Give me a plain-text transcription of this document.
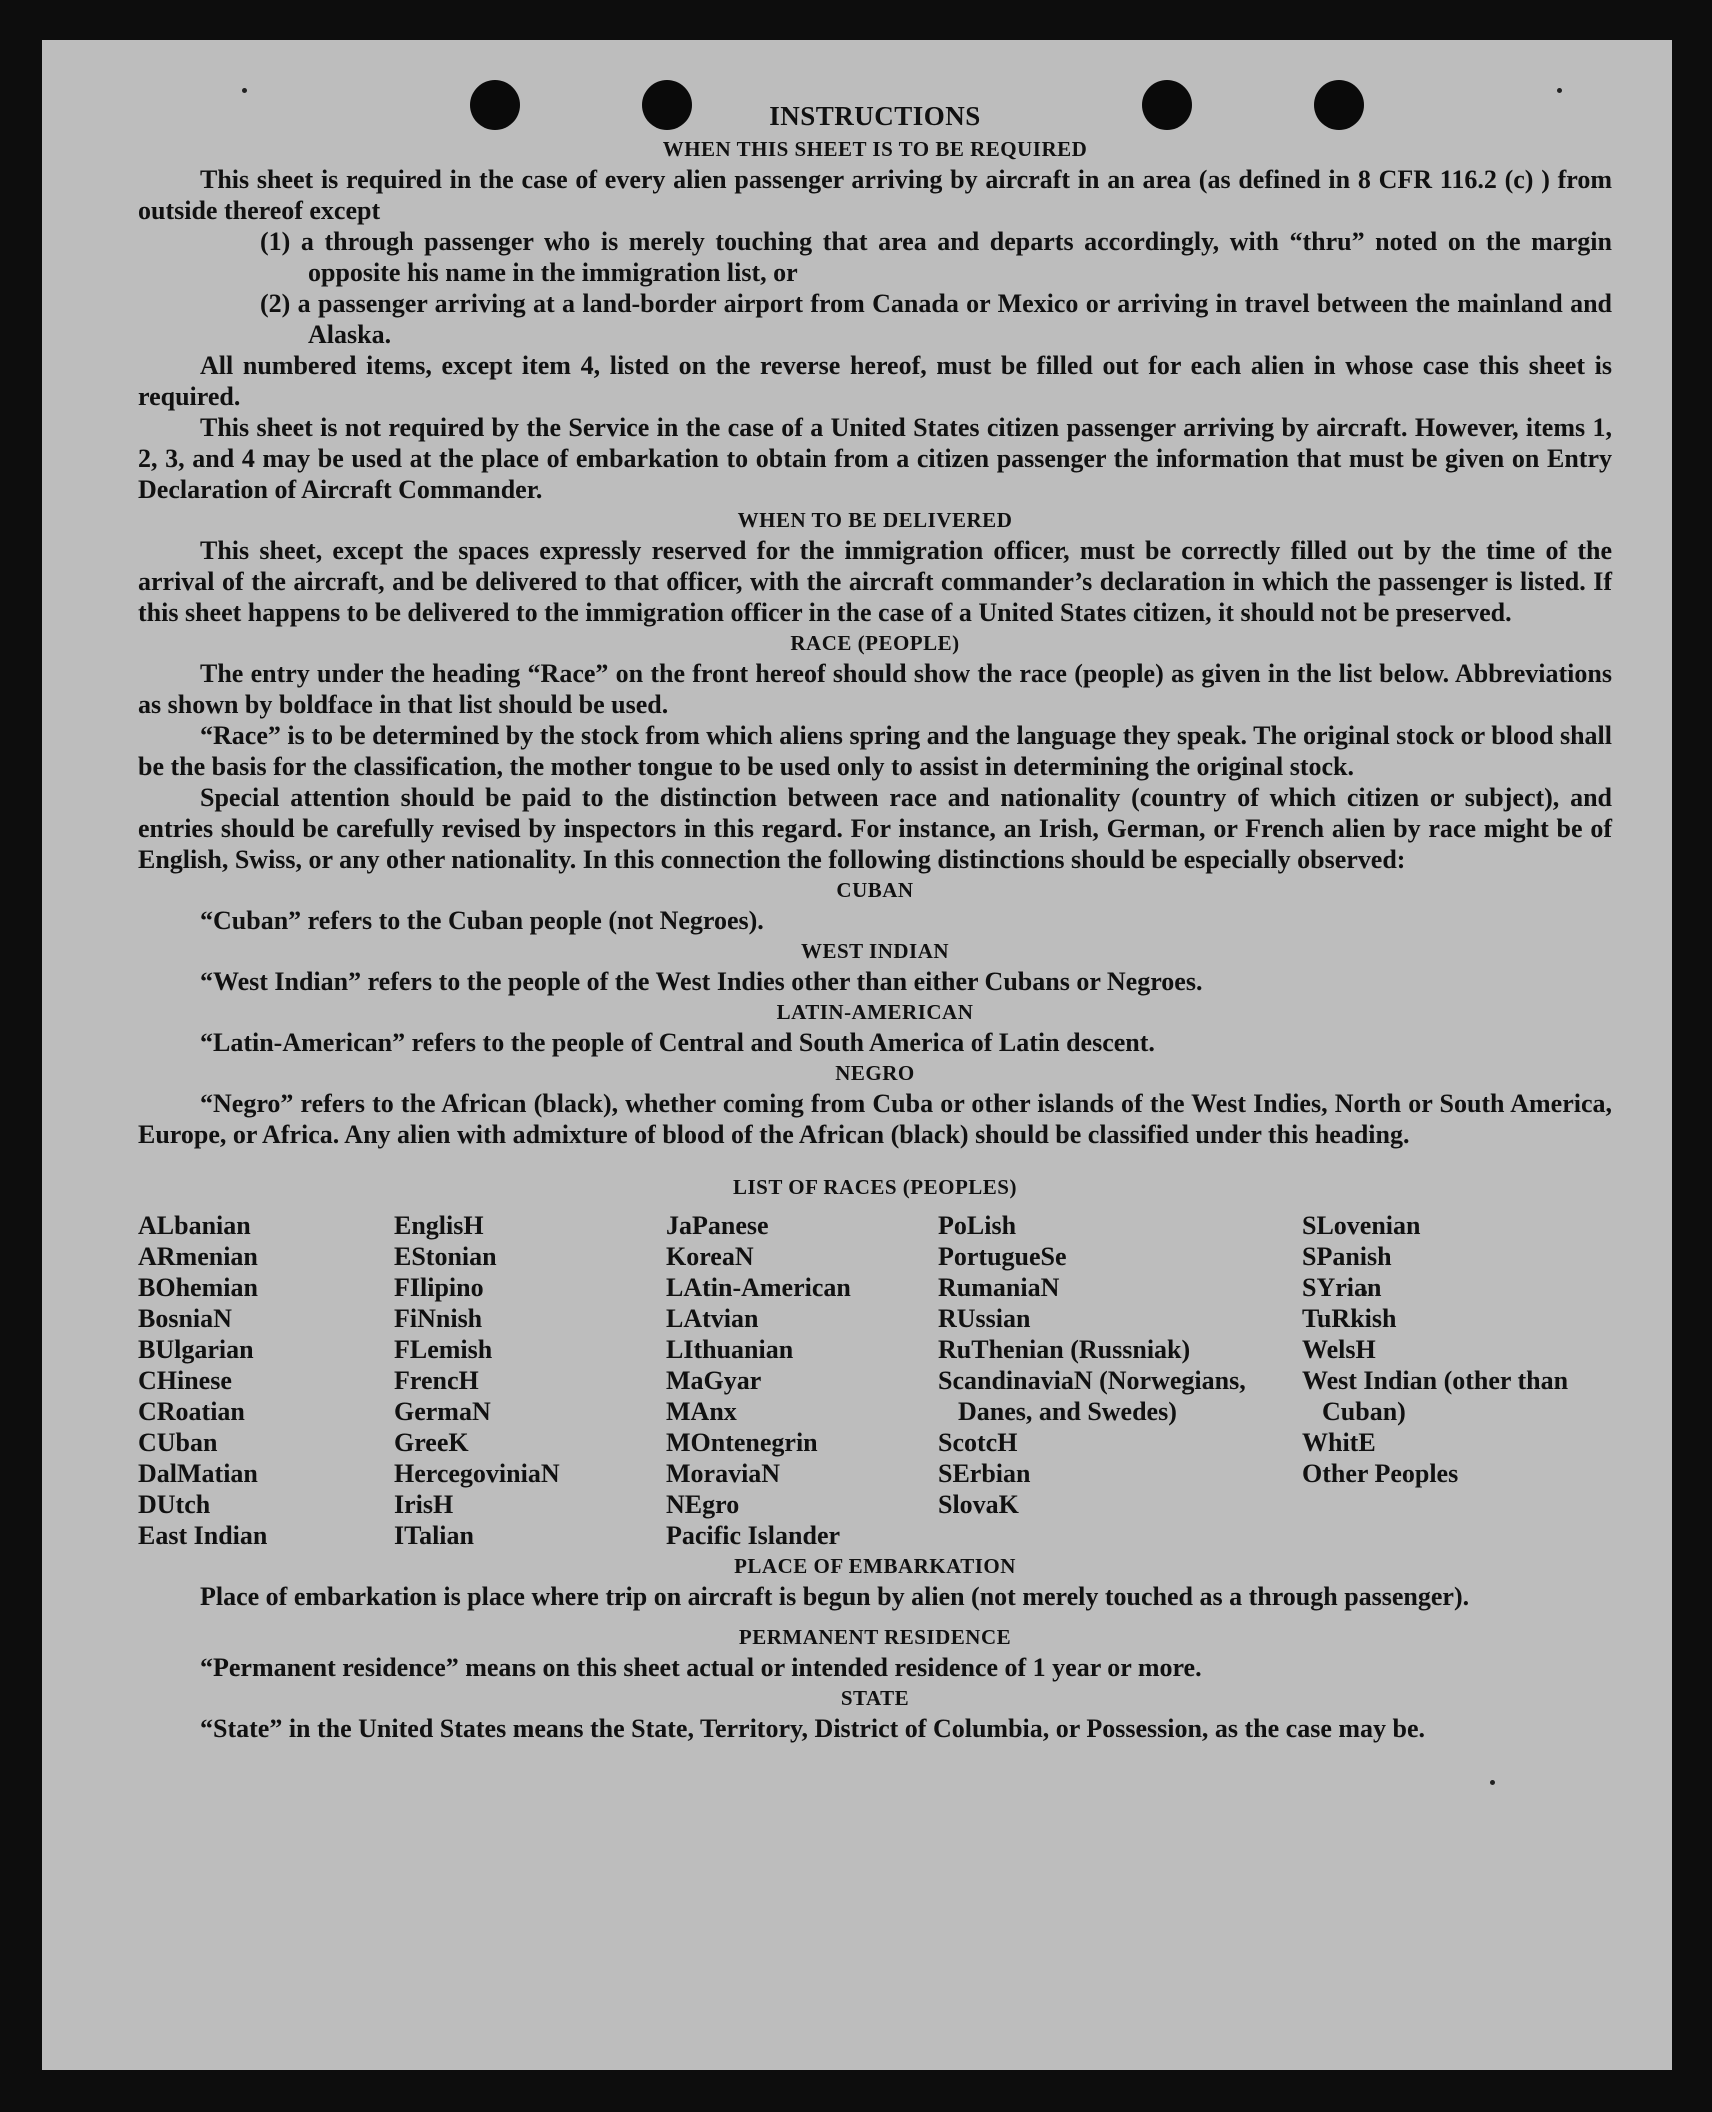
INSTRUCTIONS
WHEN THIS SHEET IS TO BE REQUIRED

This sheet is required in the case of every alien passenger arriving by aircraft in an area (as defined in 8 CFR 116.2 (c) ) from outside thereof except

(1) a through passenger who is merely touching that area and departs accordingly, with “thru” noted on the margin opposite his name in the immigration list, or

(2) a passenger arriving at a land-border airport from Canada or Mexico or arriving in travel between the mainland and Alaska.

All numbered items, except item 4, listed on the reverse hereof, must be filled out for each alien in whose case this sheet is required.

This sheet is not required by the Service in the case of a United States citizen passenger arriving by aircraft. However, items 1, 2, 3, and 4 may be used at the place of embarkation to obtain from a citizen passenger the information that must be given on Entry Declaration of Aircraft Commander.

WHEN TO BE DELIVERED

This sheet, except the spaces expressly reserved for the immigration officer, must be correctly filled out by the time of the arrival of the aircraft, and be delivered to that officer, with the aircraft commander’s declaration in which the passenger is listed. If this sheet happens to be delivered to the immigration officer in the case of a United States citizen, it should not be preserved.

RACE (PEOPLE)

The entry under the heading “Race” on the front hereof should show the race (people) as given in the list below. Abbreviations as shown by boldface in that list should be used.

“Race” is to be determined by the stock from which aliens spring and the language they speak. The original stock or blood shall be the basis for the classification, the mother tongue to be used only to assist in determining the original stock.

Special attention should be paid to the distinction between race and nationality (country of which citizen or subject), and entries should be carefully revised by inspectors in this regard. For instance, an Irish, German, or French alien by race might be of English, Swiss, or any other nationality. In this connection the following distinctions should be especially observed:

CUBAN

“Cuban” refers to the Cuban people (not Negroes).

WEST INDIAN

“West Indian” refers to the people of the West Indies other than either Cubans or Negroes.

LATIN-AMERICAN

“Latin-American” refers to the people of Central and South America of Latin descent.

NEGRO

“Negro” refers to the African (black), whether coming from Cuba or other islands of the West Indies, North or South America, Europe, or Africa. Any alien with admixture of blood of the African (black) should be classified under this heading.

LIST OF RACES (PEOPLES)
ALbanian
ARmenian
BOhemian
BosniaN
BUlgarian
CHinese
CRoatian
CUban
DalMatian
DUtch
East Indian
EnglisH
EStonian
FIlipino
FiNnish
FLemish
FrencH
GermaN
GreeK
HercegoviniaN
IrisH
ITalian
JaPanese
KoreaN
LAtin-American
LAtvian
LIthuanian
MaGyar
MAnx
MOntenegrin
MoraviaN
NEgro
Pacific Islander
PoLish
PortugueSe
RumaniaN
RUssian
RuThenian (Russniak)
ScandinaviaN (Norwegians, Danes, and Swedes)
ScotcH
SErbian
SlovaK
SLovenian
SPanish
SYrian
TuRkish
WelsH
West Indian (other than Cuban)
WhitE
Other Peoples
PLACE OF EMBARKATION

Place of embarkation is place where trip on aircraft is begun by alien (not merely touched as a through passenger).

PERMANENT RESIDENCE

“Permanent residence” means on this sheet actual or intended residence of 1 year or more.

STATE

“State” in the United States means the State, Territory, District of Columbia, or Possession, as the case may be.
